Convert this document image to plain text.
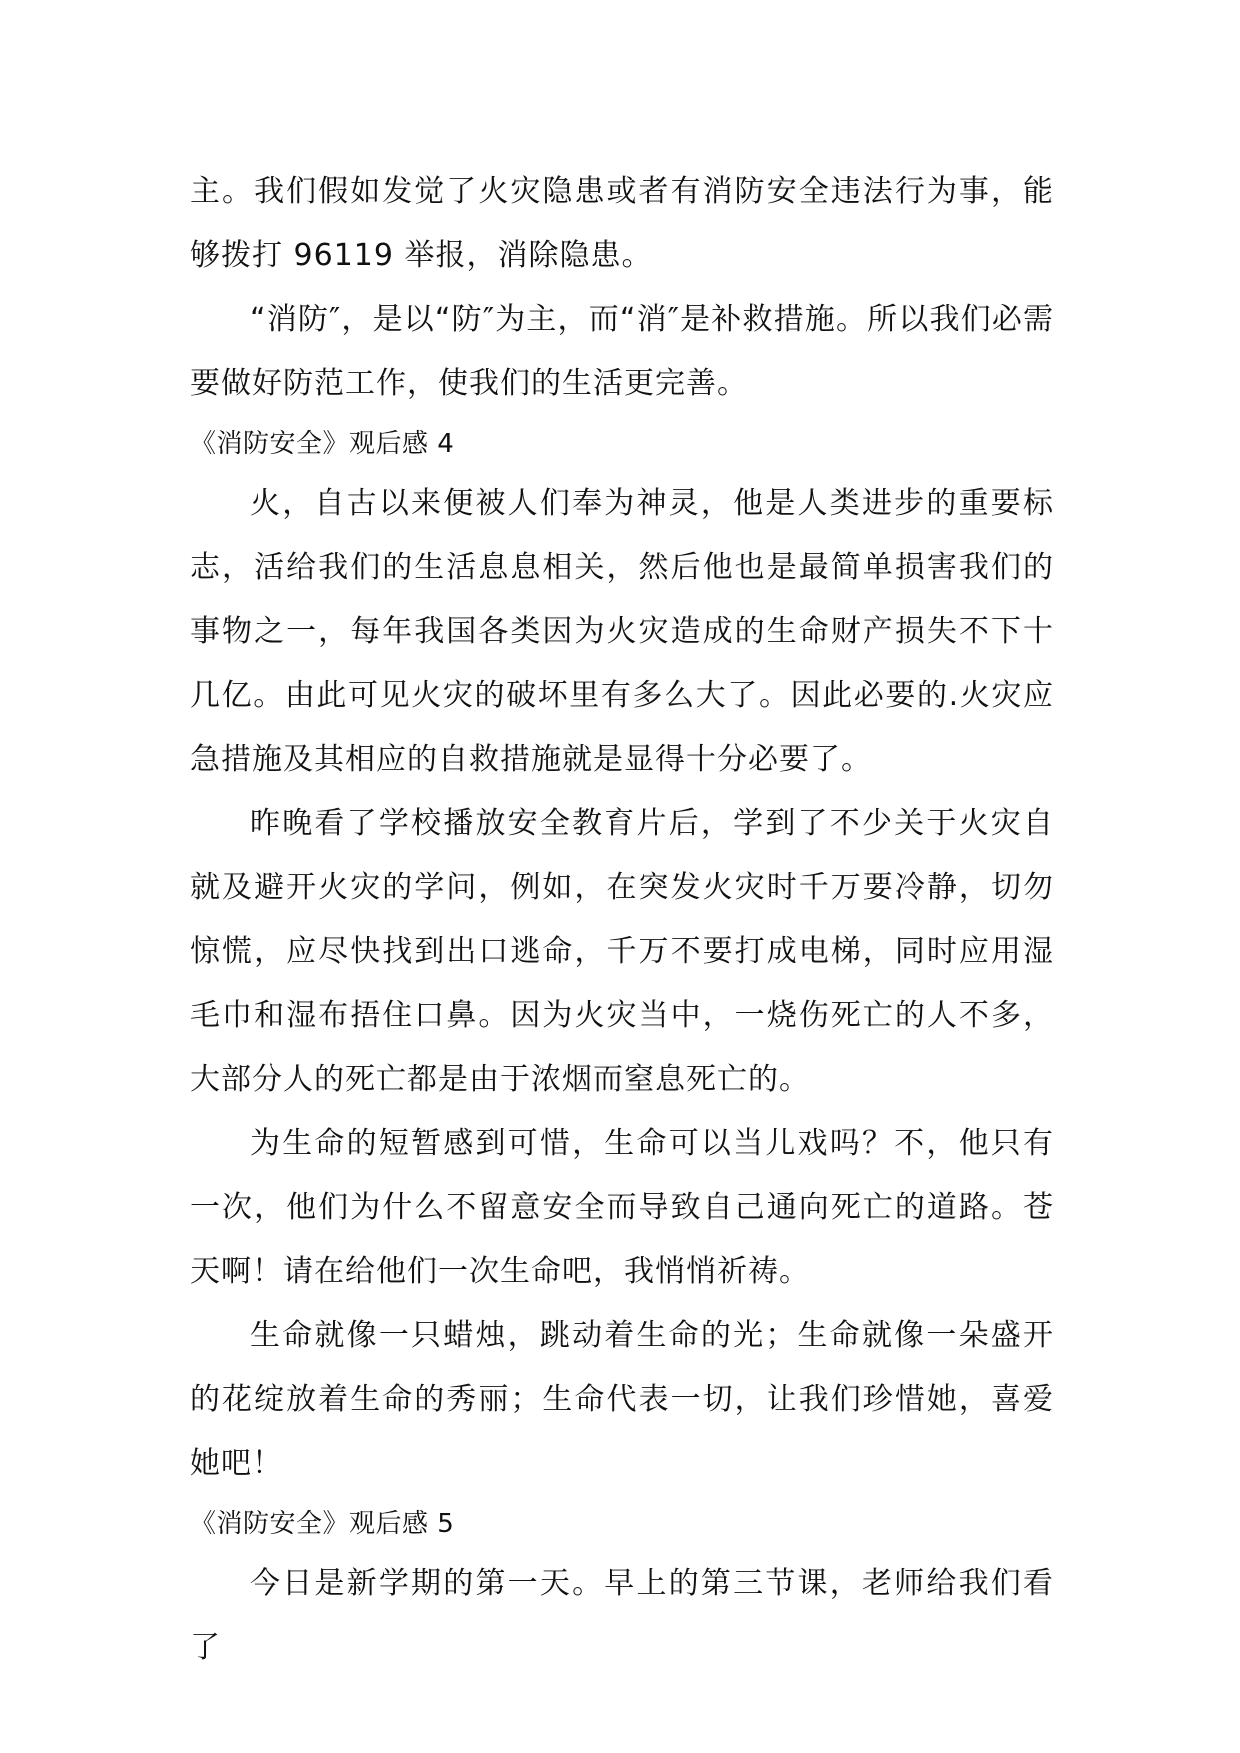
主。我们假如发觉了火灾隐患或者有消防安全违法行为事，能够拨打 96119 举报，消除隐患。

“消防″，是以“防″为主，而“消″是补救措施。所以我们必需要做好防范工作，使我们的生活更完善。

《消防安全》观后感 4

火，自古以来便被人们奉为神灵，他是人类进步的重要标志，活给我们的生活息息相关，然后他也是最简单损害我们的事物之一，每年我国各类因为火灾造成的生命财产损失不下十几亿。由此可见火灾的破坏里有多么大了。因此必要的.火灾应急措施及其相应的自救措施就是显得十分必要了。

昨晚看了学校播放安全教育片后，学到了不少关于火灾自就及避开火灾的学问，例如，在突发火灾时千万要冷静，切勿惊慌，应尽快找到出口逃命，千万不要打成电梯，同时应用湿毛巾和湿布捂住口鼻。因为火灾当中，一烧伤死亡的人不多，大部分人的死亡都是由于浓烟而窒息死亡的。

为生命的短暂感到可惜，生命可以当儿戏吗？不，他只有一次，他们为什么不留意安全而导致自己通向死亡的道路。苍天啊！请在给他们一次生命吧，我悄悄祈祷。

生命就像一只蜡烛，跳动着生命的光；生命就像一朵盛开的花绽放着生命的秀丽；生命代表一切，让我们珍惜她，喜爱她吧！

《消防安全》观后感 5

今日是新学期的第一天。早上的第三节课，老师给我们看了
